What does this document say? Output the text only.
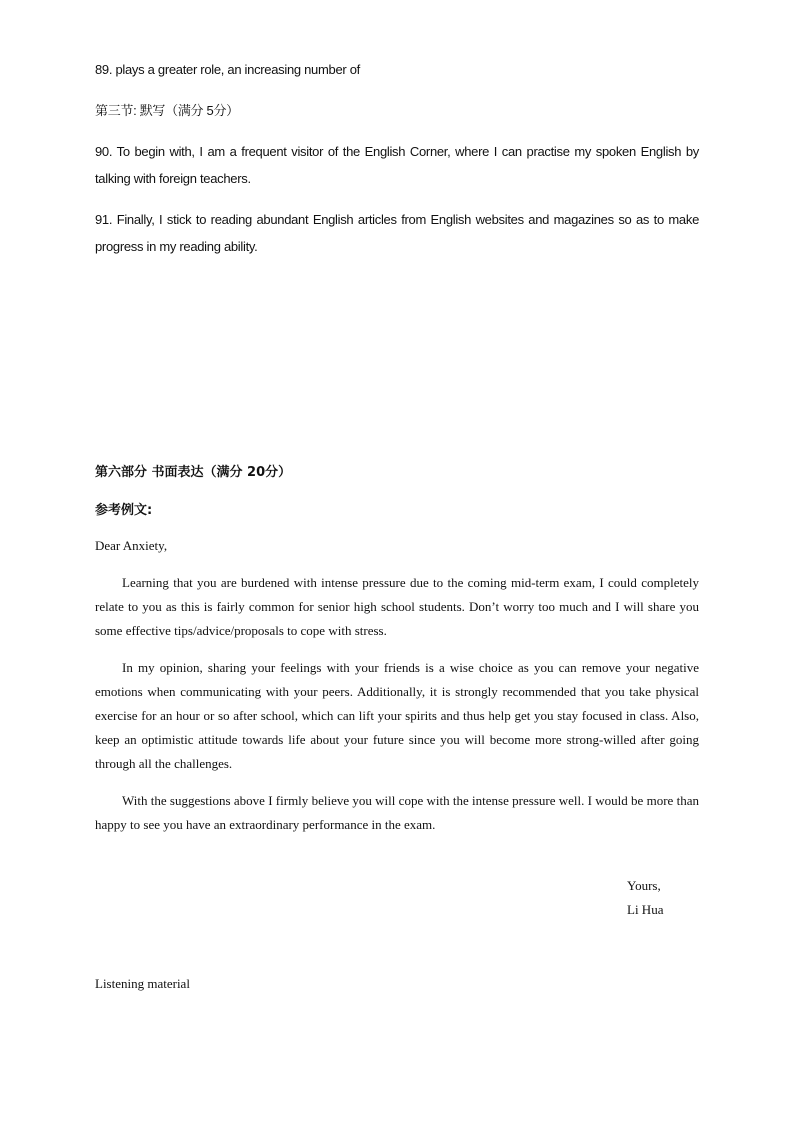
89. plays a greater role, an increasing number of

第三节: 默写（满分 5分）

90. To begin with, I am a frequent visitor of the English Corner, where I can practise my spoken English by talking with foreign teachers.

91. Finally, I stick to reading abundant English articles from English websites and magazines so as to make progress in my reading ability.

第六部分 书面表达（满分 20分）

参考例文:

Dear Anxiety,

Learning that you are burdened with intense pressure due to the coming mid-term exam, I could completely relate to you as this is fairly common for senior high school students. Don’t worry too much and I will share you some effective tips/advice/proposals to cope with stress.

In my opinion, sharing your feelings with your friends is a wise choice as you can remove your negative emotions when communicating with your peers. Additionally, it is strongly recommended that you take physical exercise for an hour or so after school, which can lift your spirits and thus help get you stay focused in class. Also, keep an optimistic attitude towards life about your future since you will become more strong-willed after going through all the challenges.

With the suggestions above I firmly believe you will cope with the intense pressure well. I would be more than happy to see you have an extraordinary performance in the exam.

Yours,
Li Hua

Listening material
